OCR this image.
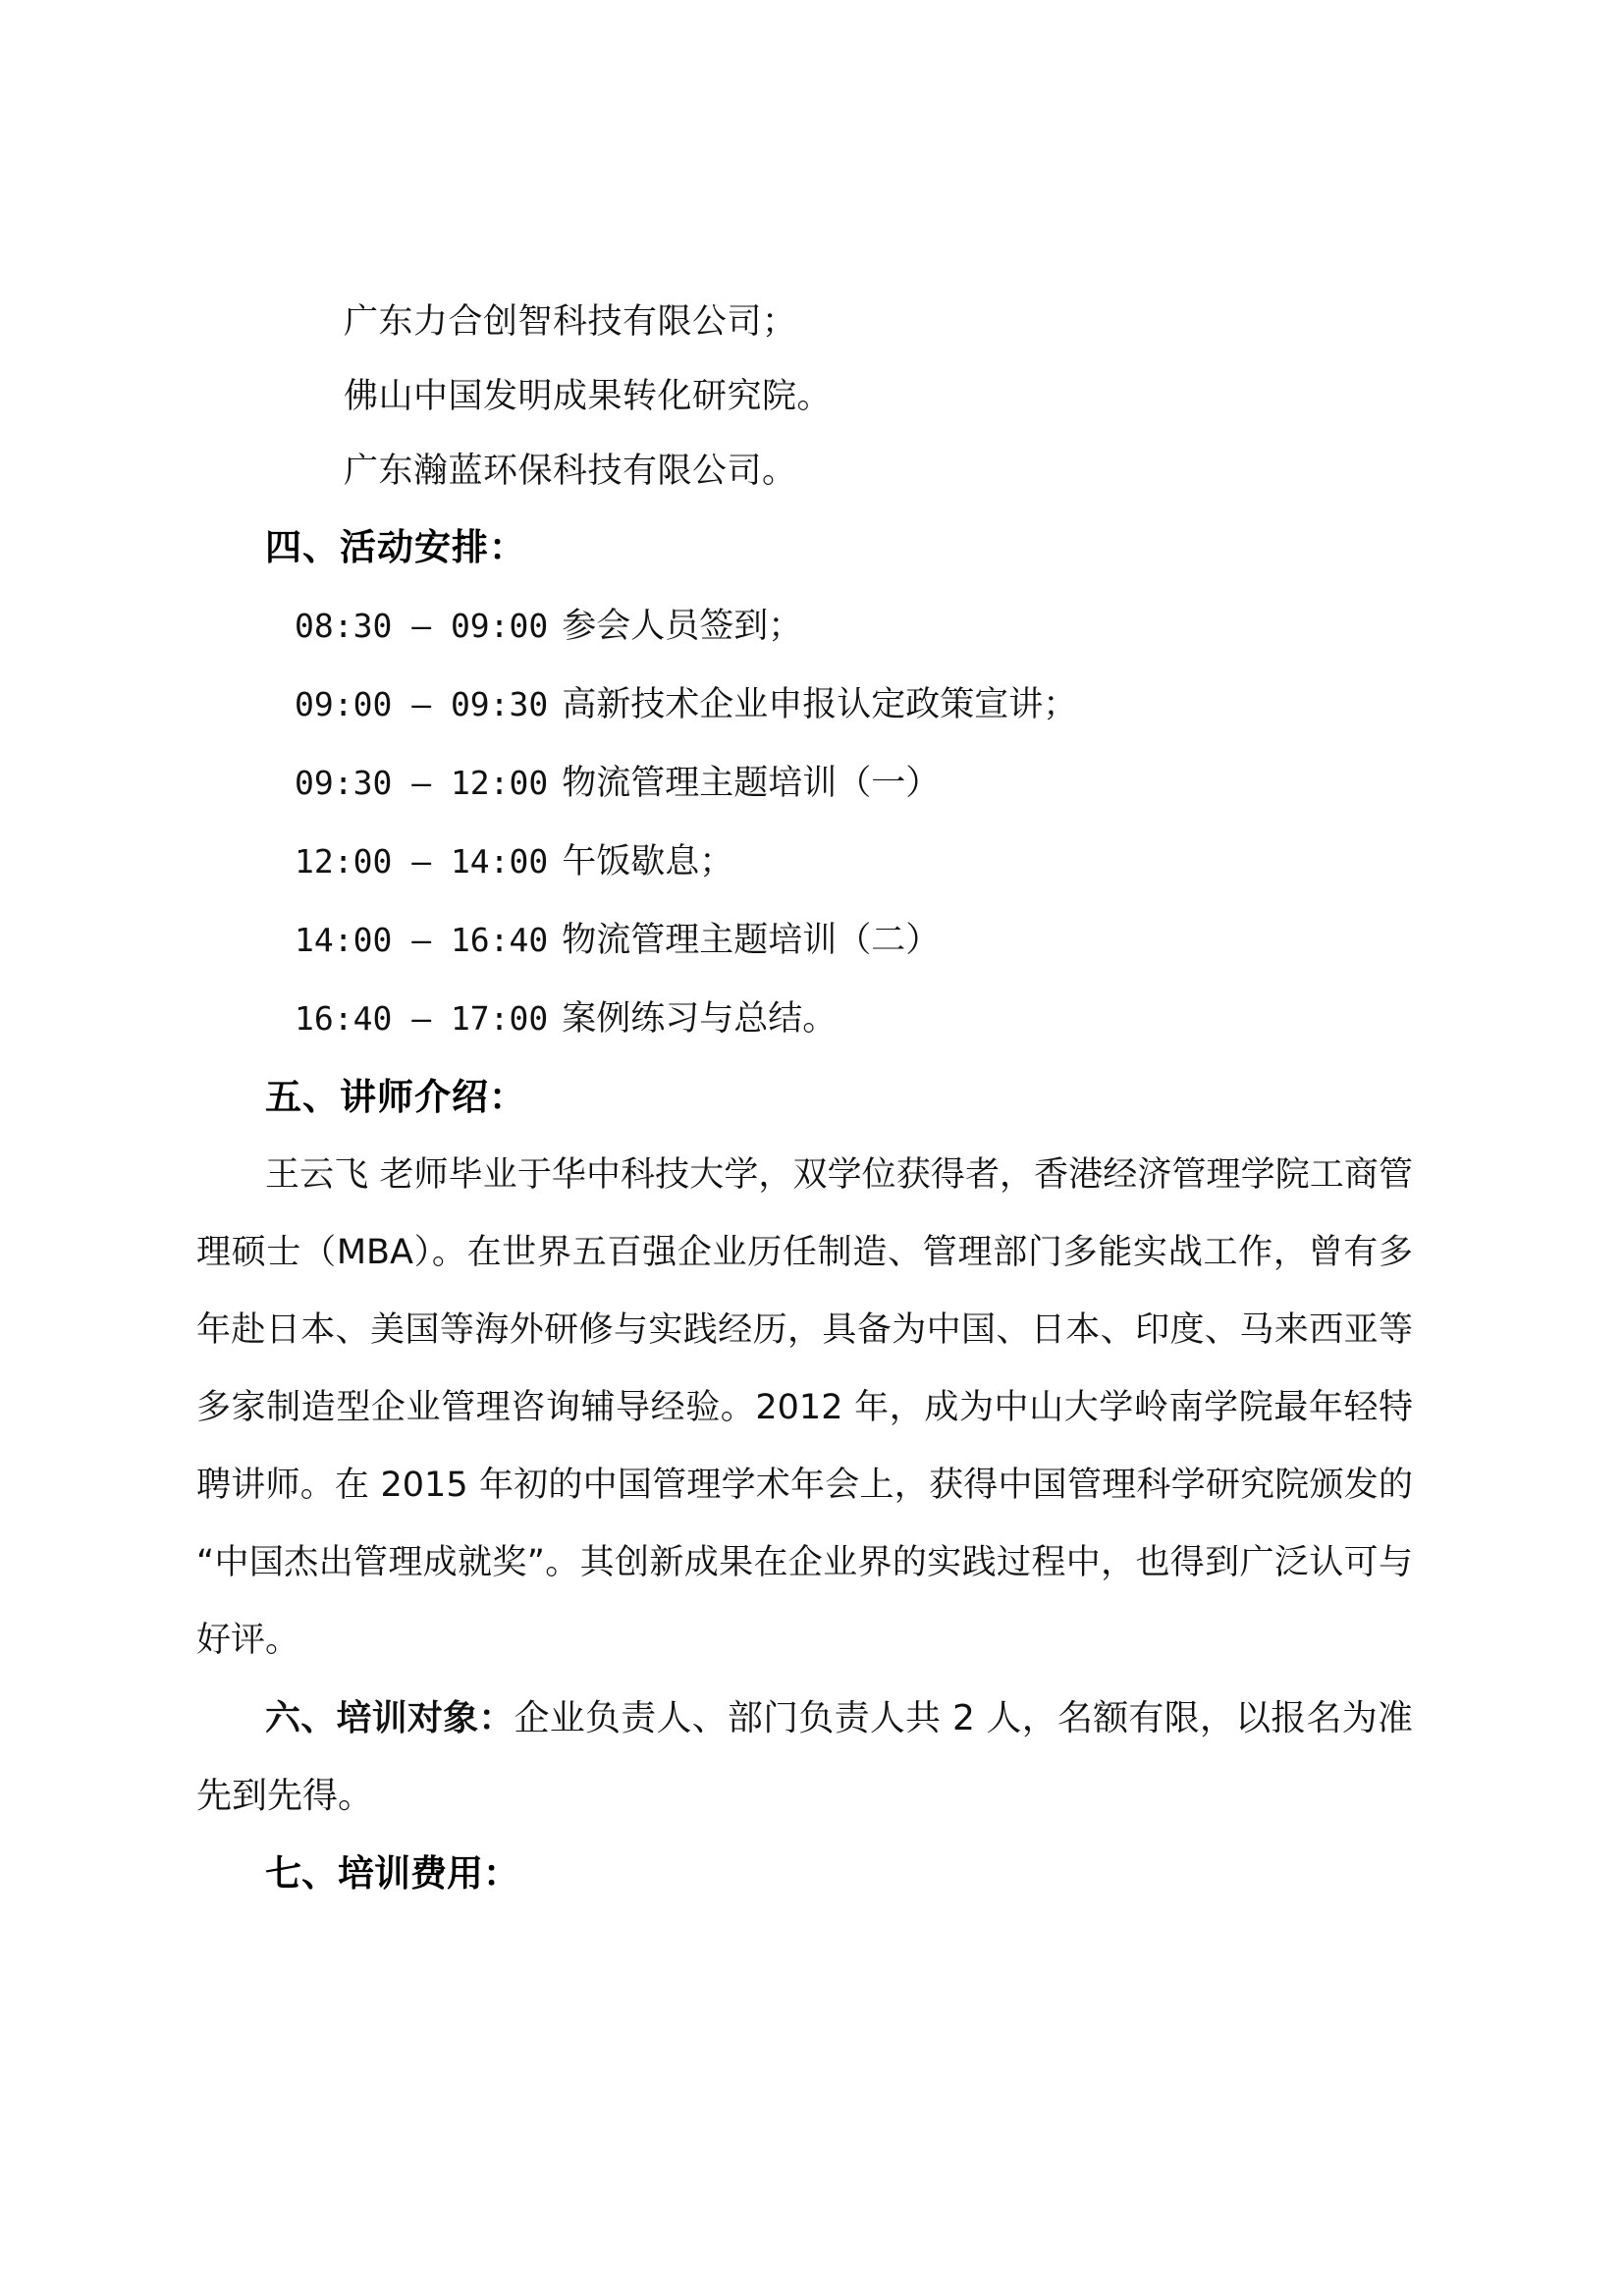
广东力合创智科技有限公司；
佛山中国发明成果转化研究院。
广东瀚蓝环保科技有限公司。
四、活动安排：
08:30 – 09:00 参会人员签到；
09:00 – 09:30 高新技术企业申报认定政策宣讲；
09:30 – 12:00 物流管理主题培训（一）
12:00 – 14:00 午饭歇息；
14:00 – 16:40 物流管理主题培训（二）
16:40 – 17:00 案例练习与总结。
五、讲师介绍：

王云飞 老师毕业于华中科技大学，双学位获得者，香港经济管理学院工商管理硕士（MBA）。在世界五百强企业历任制造、管理部门多能实战工作，曾有多年赴日本、美国等海外研修与实践经历，具备为中国、日本、印度、马来西亚等多家制造型企业管理咨询辅导经验。2012 年，成为中山大学岭南学院最年轻特聘讲师。在 2015 年初的中国管理学术年会上，获得中国管理科学研究院颁发的 “中国杰出管理成就奖”。其创新成果在企业界的实践过程中，也得到广泛认可与好评。

六、培训对象：企业负责人、部门负责人共 2 人，名额有限，以报名为准先到先得。

七、培训费用：
